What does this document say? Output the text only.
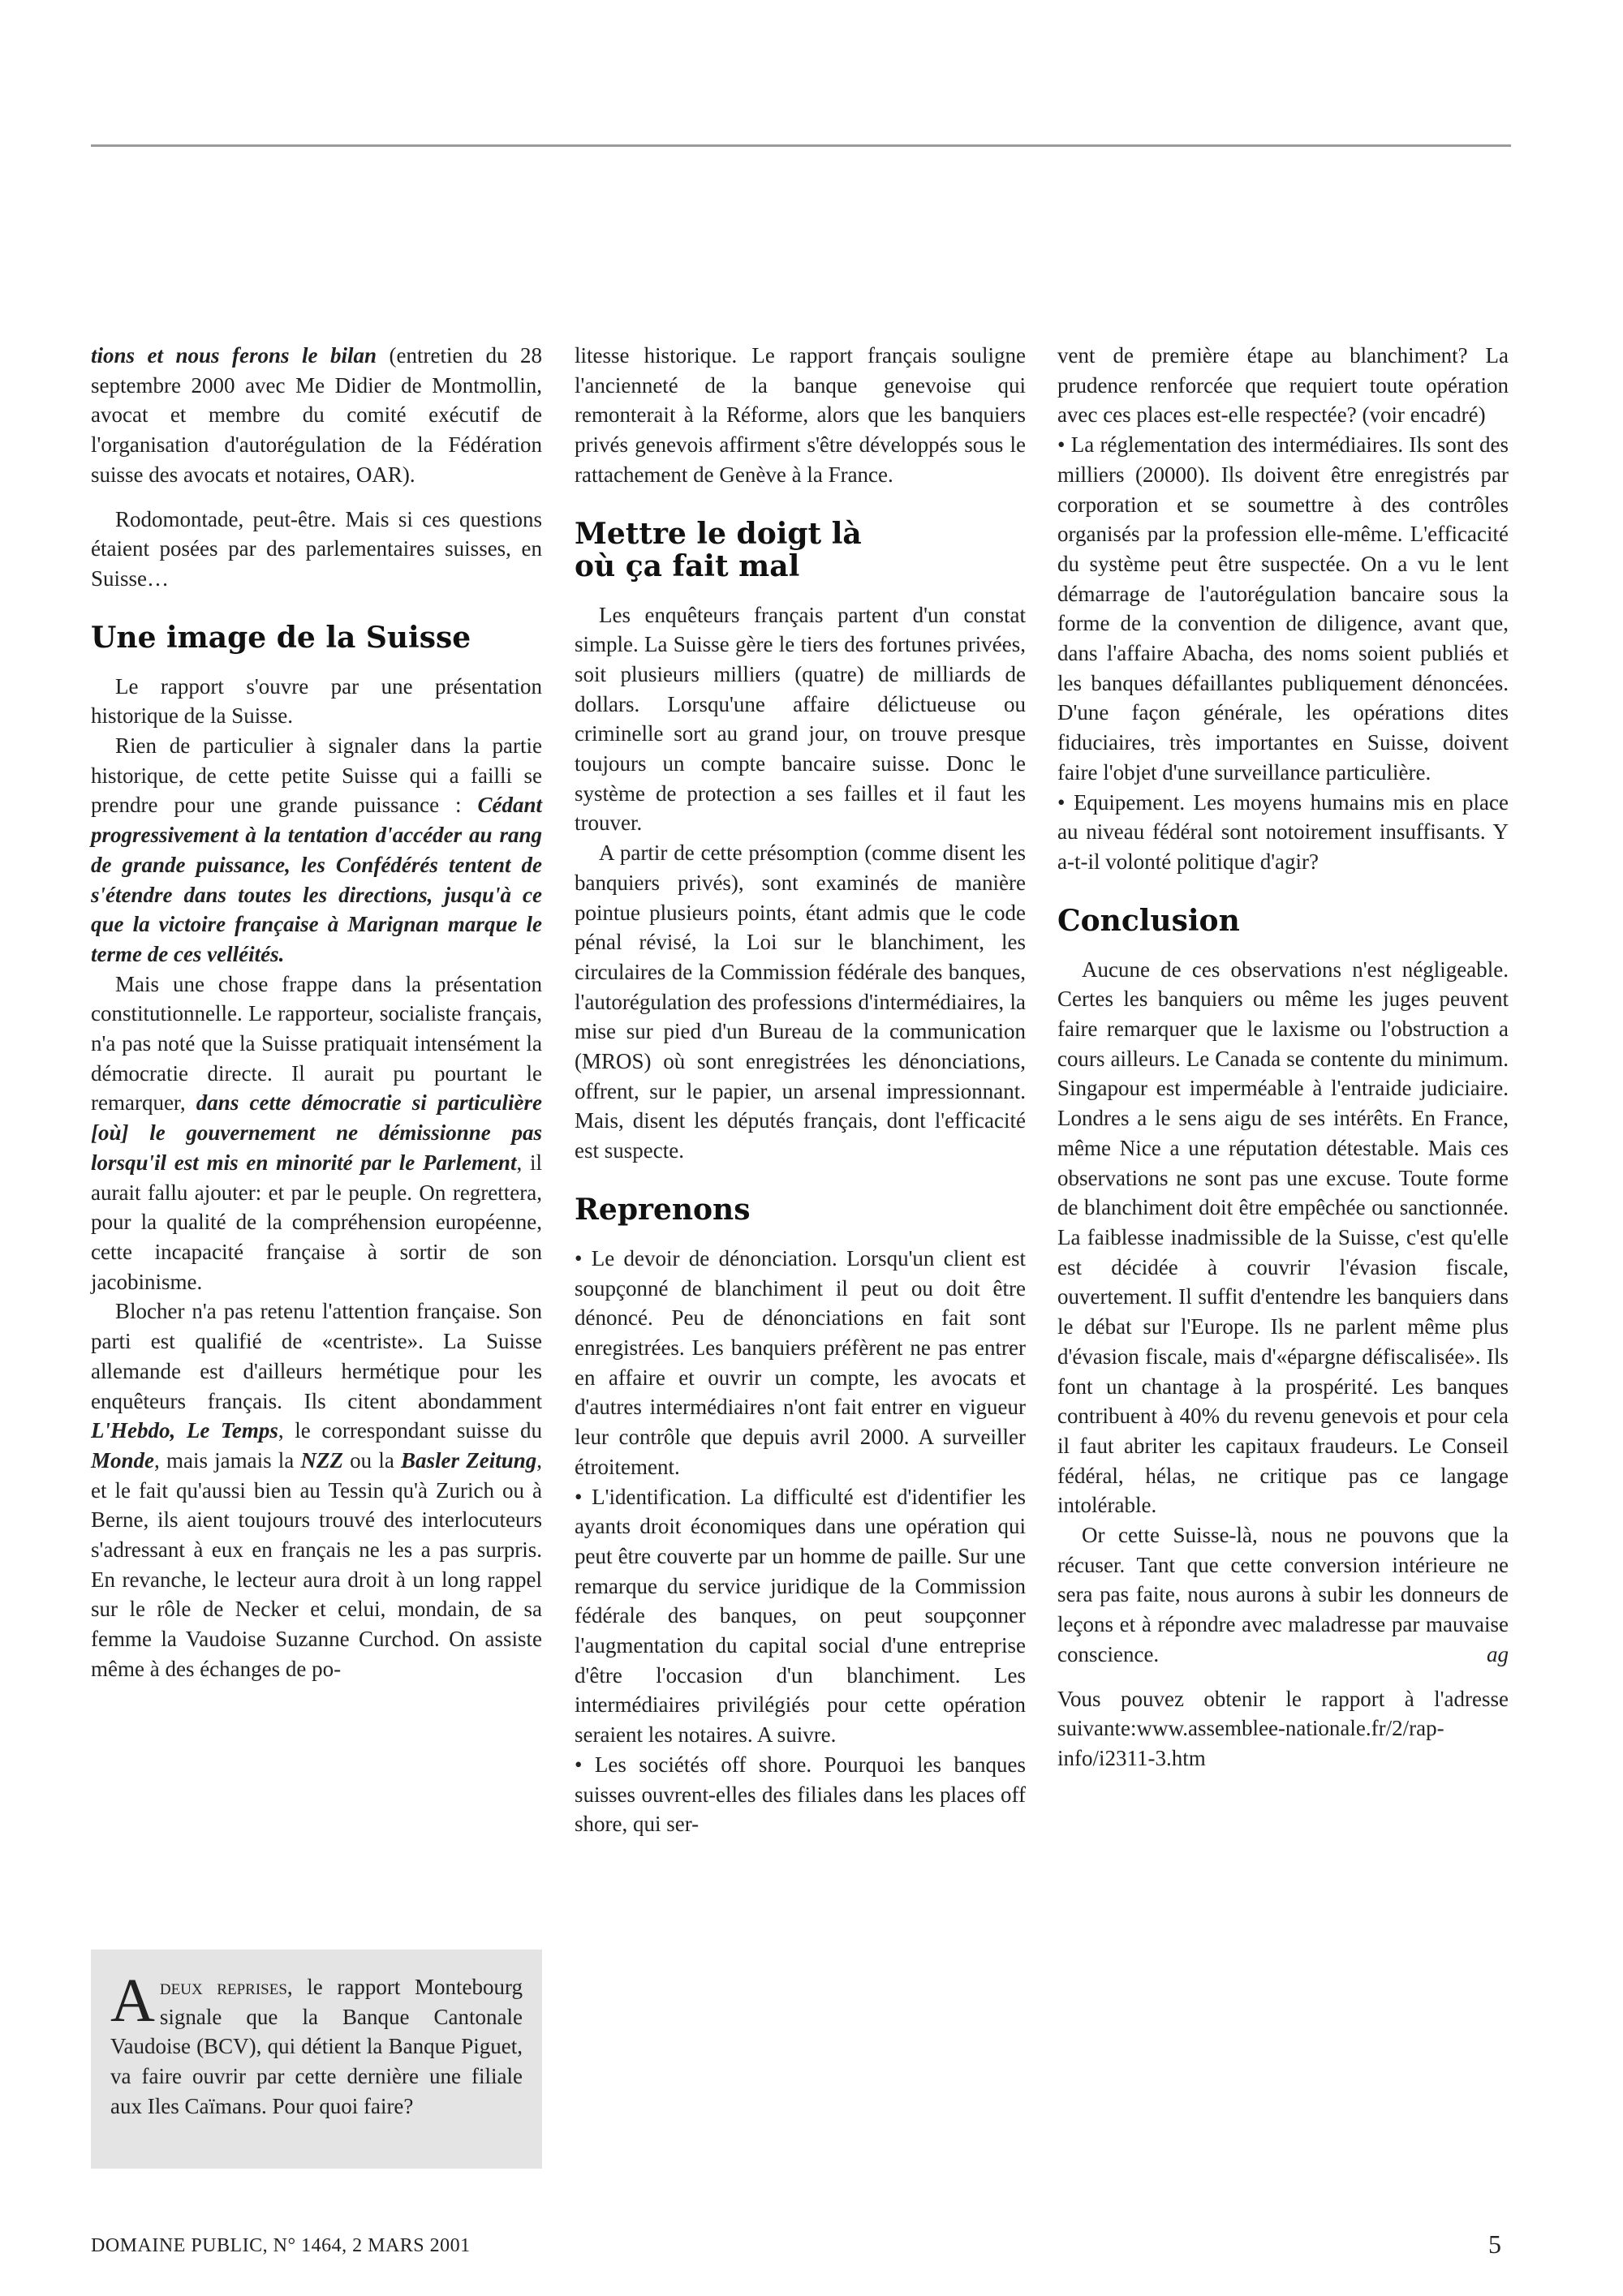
tions et nous ferons le bilan (entretien du 28 septembre 2000 avec Me Didier de Montmollin, avocat et membre du comité exécutif de l'organisation d'autorégulation de la Fédération suisse des avocats et notaires, OAR).

Rodomontade, peut-être. Mais si ces questions étaient posées par des parlementaires suisses, en Suisse…

Une image de la Suisse

Le rapport s'ouvre par une présentation historique de la Suisse.

Rien de particulier à signaler dans la partie historique, de cette petite Suisse qui a failli se prendre pour une grande puissance : Cédant progressivement à la tentation d'accéder au rang de grande puissance, les Confédérés tentent de s'étendre dans toutes les directions, jusqu'à ce que la victoire française à Marignan marque le terme de ces velléités.

Mais une chose frappe dans la présentation constitutionnelle. Le rapporteur, socialiste français, n'a pas noté que la Suisse pratiquait intensément la démocratie directe. Il aurait pu pourtant le remarquer, dans cette démocratie si particulière [où] le gouvernement ne démissionne pas lorsqu'il est mis en minorité par le Parlement, il aurait fallu ajouter: et par le peuple. On regrettera, pour la qualité de la compréhension européenne, cette incapacité française à sortir de son jacobinisme.

Blocher n'a pas retenu l'attention française. Son parti est qualifié de «centriste». La Suisse allemande est d'ailleurs hermétique pour les enquêteurs français. Ils citent abondamment L'Hebdo, Le Temps, le correspondant suisse du Monde, mais jamais la NZZ ou la Basler Zeitung, et le fait qu'aussi bien au Tessin qu'à Zurich ou à Berne, ils aient toujours trouvé des interlocuteurs s'adressant à eux en français ne les a pas surpris. En revanche, le lecteur aura droit à un long rappel sur le rôle de Necker et celui, mondain, de sa femme la Vaudoise Suzanne Curchod. On assiste même à des échanges de po-

Adeux reprises, le rapport Montebourg signale que la Banque Cantonale Vaudoise (BCV), qui détient la Banque Piguet, va faire ouvrir par cette dernière une filiale aux Iles Caïmans. Pour quoi faire?

litesse historique. Le rapport français souligne l'ancienneté de la banque genevoise qui remonterait à la Réforme, alors que les banquiers privés genevois affirment s'être développés sous le rattachement de Genève à la France.

Mettre le doigt là
où ça fait mal

Les enquêteurs français partent d'un constat simple. La Suisse gère le tiers des fortunes privées, soit plusieurs milliers (quatre) de milliards de dollars. Lorsqu'une affaire délictueuse ou criminelle sort au grand jour, on trouve presque toujours un compte bancaire suisse. Donc le système de protection a ses failles et il faut les trouver.

A partir de cette présomption (comme disent les banquiers privés), sont examinés de manière pointue plusieurs points, étant admis que le code pénal révisé, la Loi sur le blanchiment, les circulaires de la Commission fédérale des banques, l'autorégulation des professions d'intermédiaires, la mise sur pied d'un Bureau de la communication (MROS) où sont enregistrées les dénonciations, offrent, sur le papier, un arsenal impressionnant. Mais, disent les députés français, dont l'efficacité est suspecte.

Reprenons

• Le devoir de dénonciation. Lorsqu'un client est soupçonné de blanchiment il peut ou doit être dénoncé. Peu de dénonciations en fait sont enregistrées. Les banquiers préfèrent ne pas entrer en affaire et ouvrir un compte, les avocats et d'autres intermédiaires n'ont fait entrer en vigueur leur contrôle que depuis avril 2000. A surveiller étroitement.

• L'identification. La difficulté est d'identifier les ayants droit économiques dans une opération qui peut être couverte par un homme de paille. Sur une remarque du service juridique de la Commission fédérale des banques, on peut soupçonner l'augmentation du capital social d'une entreprise d'être l'occasion d'un blanchiment. Les intermédiaires privilégiés pour cette opération seraient les notaires. A suivre.

• Les sociétés off shore. Pourquoi les banques suisses ouvrent-elles des filiales dans les places off shore, qui ser-

vent de première étape au blanchiment? La prudence renforcée que requiert toute opération avec ces places est-elle respectée? (voir encadré)

• La réglementation des intermédiaires. Ils sont des milliers (20000). Ils doivent être enregistrés par corporation et se soumettre à des contrôles organisés par la profession elle-même. L'efficacité du système peut être suspectée. On a vu le lent démarrage de l'autorégulation bancaire sous la forme de la convention de diligence, avant que, dans l'affaire Abacha, des noms soient publiés et les banques défaillantes publiquement dénoncées. D'une façon générale, les opérations dites fiduciaires, très importantes en Suisse, doivent faire l'objet d'une surveillance particulière.

• Equipement. Les moyens humains mis en place au niveau fédéral sont notoirement insuffisants. Y a-t-il volonté politique d'agir?

Conclusion

Aucune de ces observations n'est négligeable. Certes les banquiers ou même les juges peuvent faire remarquer que le laxisme ou l'obstruction a cours ailleurs. Le Canada se contente du minimum. Singapour est imperméable à l'entraide judiciaire. Londres a le sens aigu de ses intérêts. En France, même Nice a une réputation détestable. Mais ces observations ne sont pas une excuse. Toute forme de blanchiment doit être empêchée ou sanctionnée. La faiblesse inadmissible de la Suisse, c'est qu'elle est décidée à couvrir l'évasion fiscale, ouvertement. Il suffit d'entendre les banquiers dans le débat sur l'Europe. Ils ne parlent même plus d'évasion fiscale, mais d'«épargne défiscalisée». Ils font un chantage à la prospérité. Les banques contribuent à 40% du revenu genevois et pour cela il faut abriter les capitaux fraudeurs. Le Conseil fédéral, hélas, ne critique pas ce langage intolérable.

Or cette Suisse-là, nous ne pouvons que la récuser. Tant que cette conversion intérieure ne sera pas faite, nous aurons à subir les donneurs de leçons et à répondre avec maladresse par mauvaise conscience.	ag

Vous pouvez obtenir le rapport à l'adresse suivante:www.assemblee-nationale.fr/2/rap-info/i2311-3.htm

DOMAINE PUBLIC, N° 1464, 2 MARS 2001	5
